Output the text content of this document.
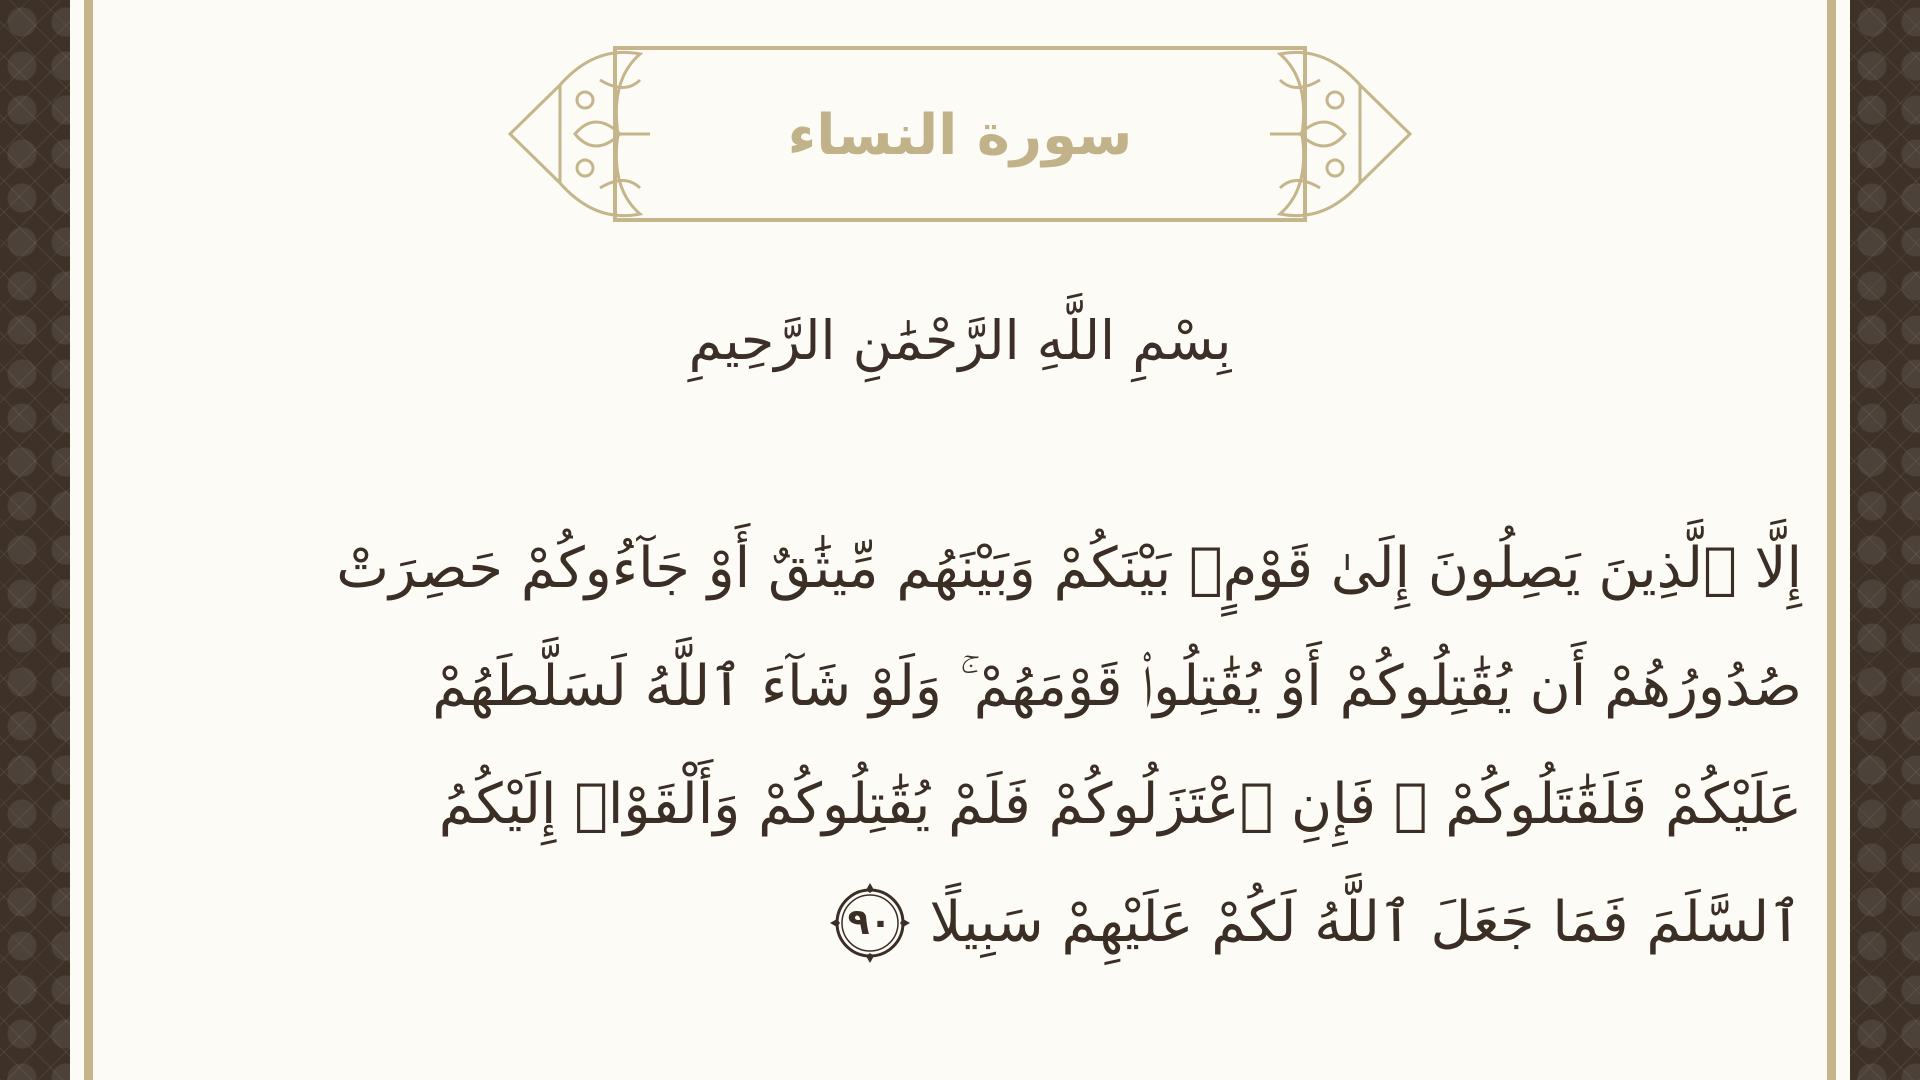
سورة النساء
بِسْمِ اللَّهِ الرَّحْمَٰنِ الرَّحِيمِ
إِلَّا ٱلَّذِينَ يَصِلُونَ إِلَىٰ قَوْمٍۭ بَيْنَكُمْ وَبَيْنَهُم مِّيثَٰقٌ أَوْ جَآءُوكُمْ حَصِرَتْ
صُدُورُهُمْ أَن يُقَٰتِلُوكُمْ أَوْ يُقَٰتِلُوا۟ قَوْمَهُمْ ۚ وَلَوْ شَآءَ ٱللَّهُ لَسَلَّطَهُمْ
عَلَيْكُمْ فَلَقَٰتَلُوكُمْ ۚ فَإِنِ ٱعْتَزَلُوكُمْ فَلَمْ يُقَٰتِلُوكُمْ وَأَلْقَوْا۟ إِلَيْكُمُ
ٱلسَّلَمَ فَمَا جَعَلَ ٱللَّهُ لَكُمْ عَلَيْهِمْ سَبِيلًا
٩٠
